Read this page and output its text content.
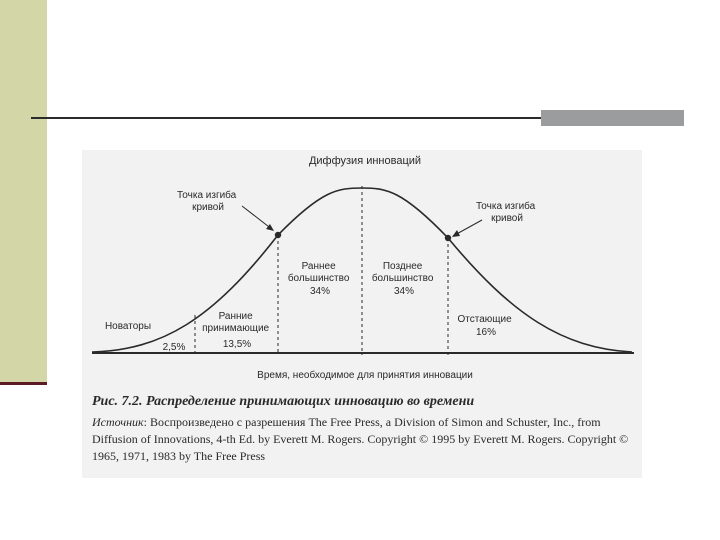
Диффузия инноваций
Точка изгиба кривой	Точка изгиба кривой
Новаторы
2,5%
Ранние принимающие 13,5%
Раннее большинство 34%
Позднее большинство 34%
Отстающие 16%
Время, необходимое для принятия инновации
Рис. 7.2. Распределение принимающих инновацию во времени
Источник: Воспроизведено с разрешения The Free Press, a Division of Simon and Schuster, Inc., from Diffusion of Innovations, 4-th Ed. by Everett M. Rogers. Copyright © 1995 by Everett M. Rogers. Copyright © 1965, 1971, 1983 by The Free Press
